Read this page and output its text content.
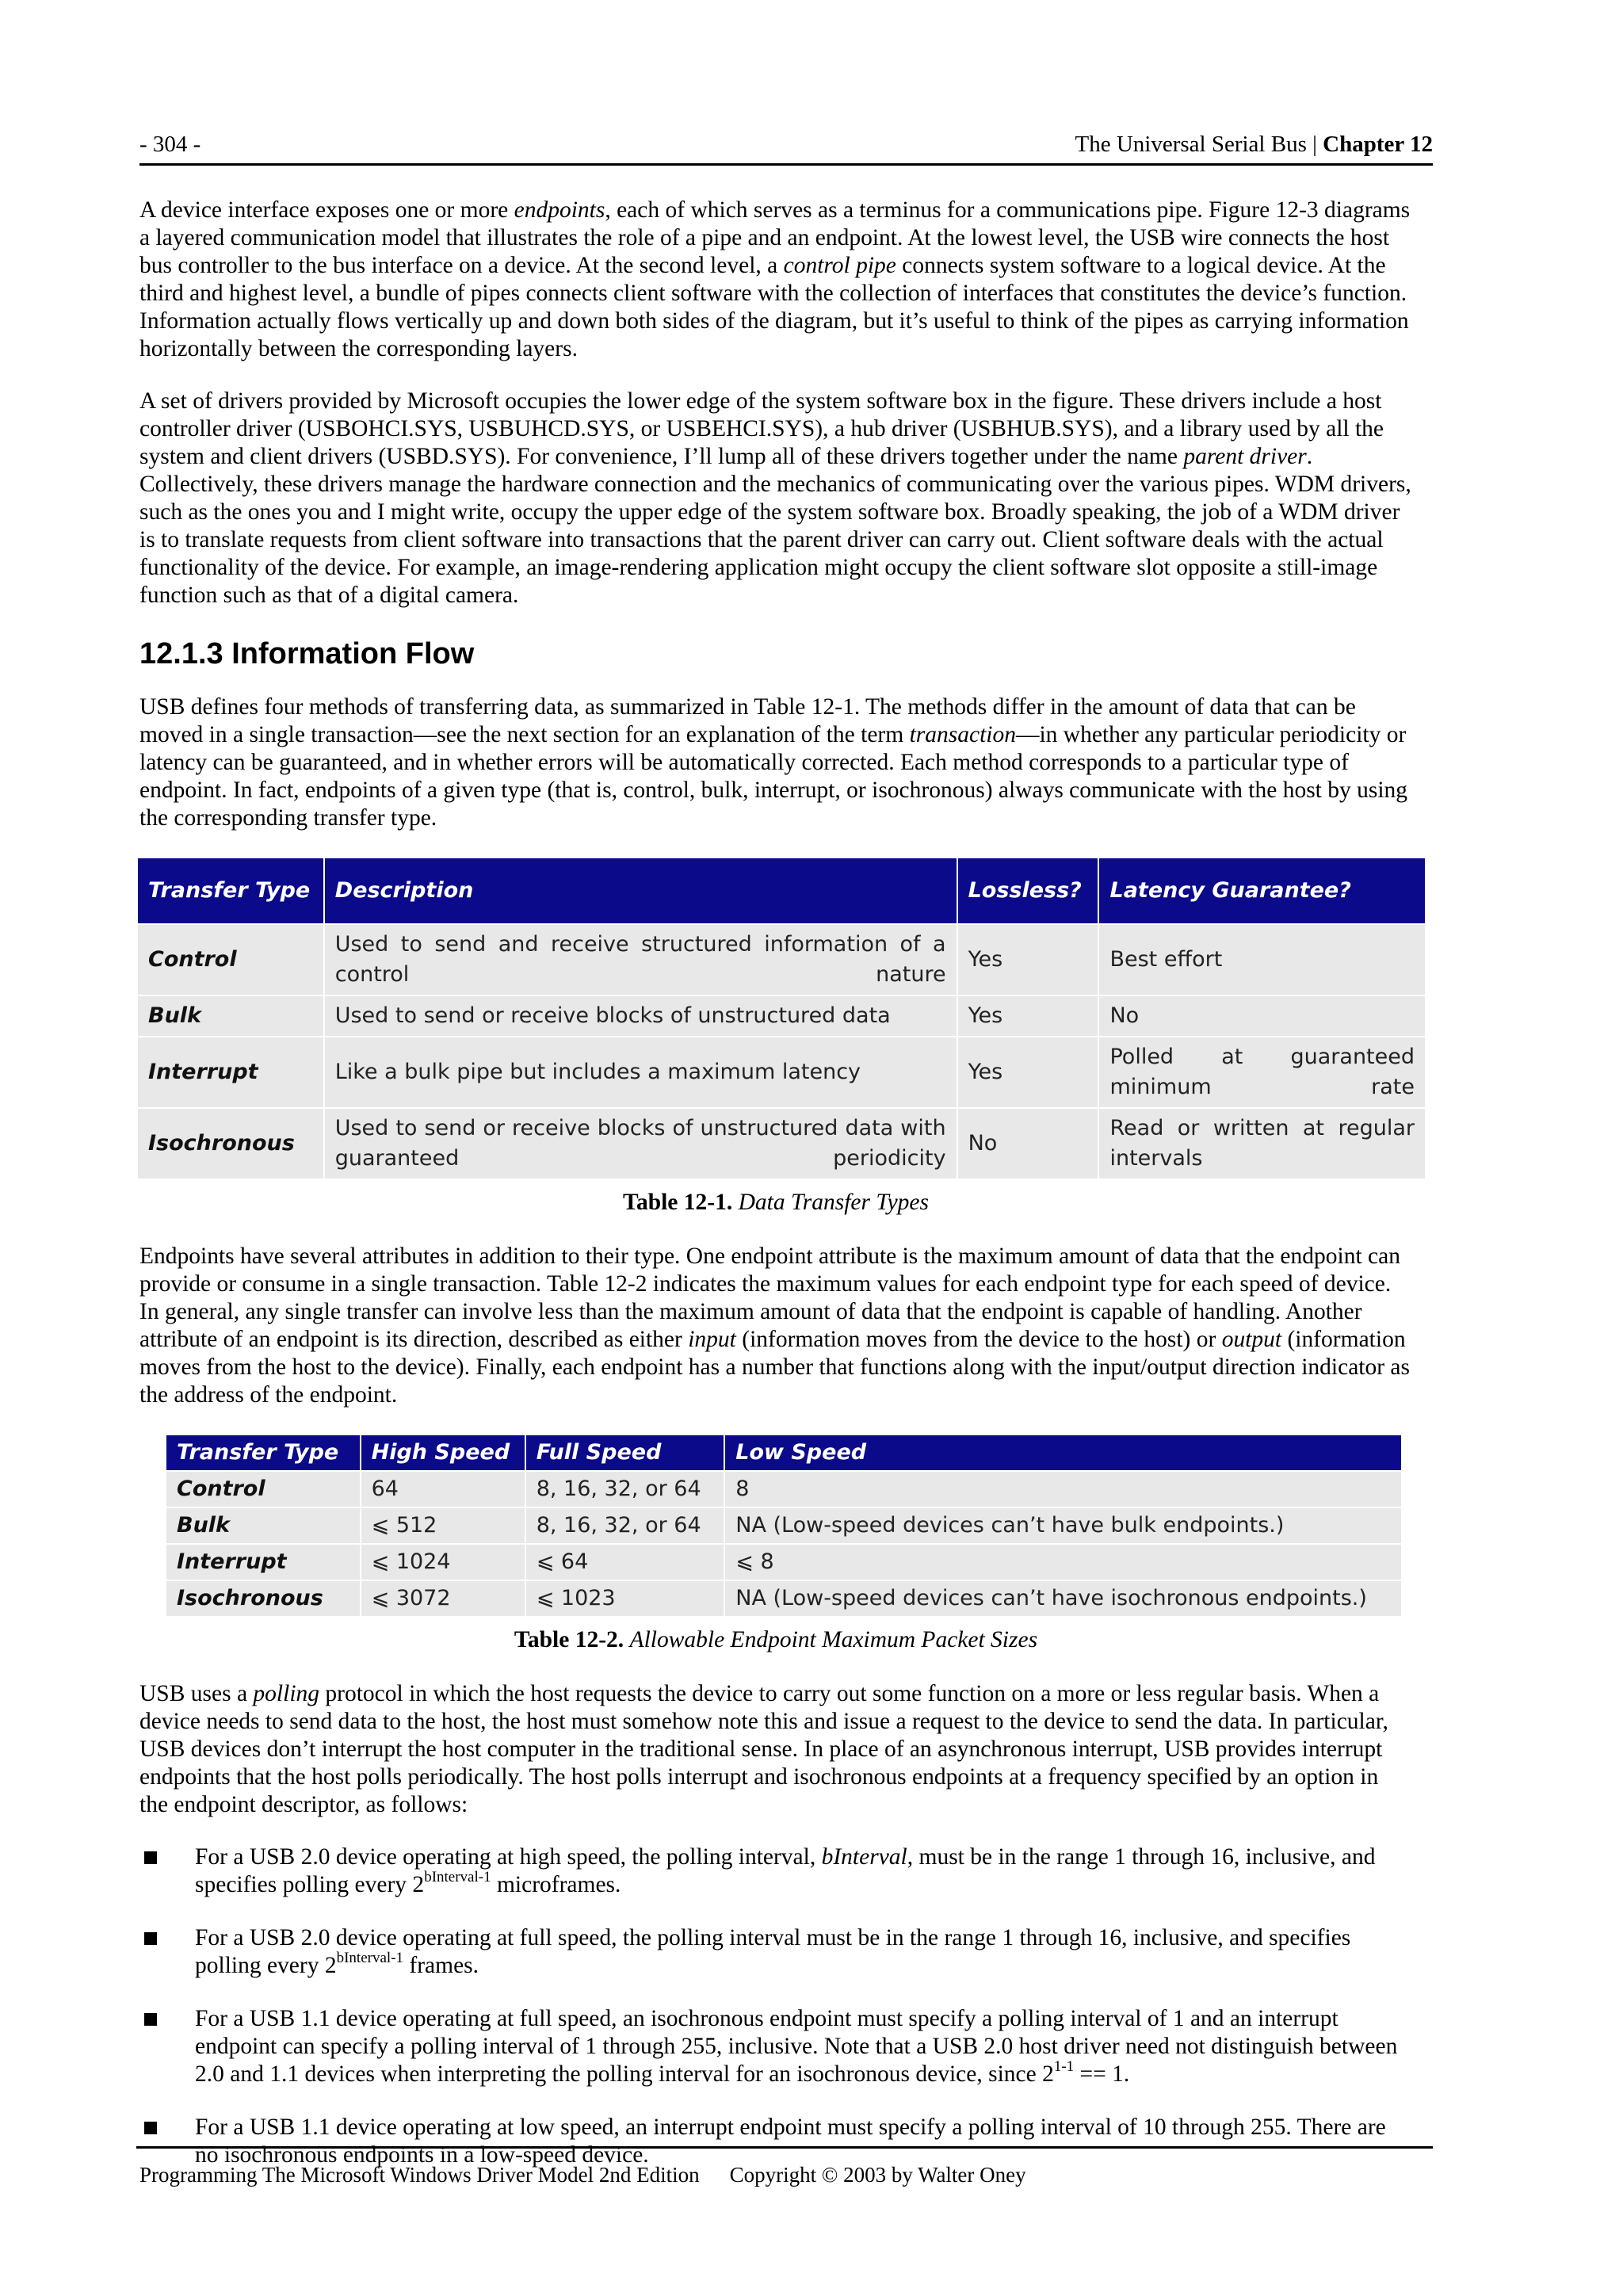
- 304 -	The Universal Serial Bus | Chapter 12

A device interface exposes one or more endpoints, each of which serves as a terminus for a communications pipe. Figure 12-3 diagrams a layered communication model that illustrates the role of a pipe and an endpoint. At the lowest level, the USB wire connects the host bus controller to the bus interface on a device. At the second level, a control pipe connects system software to a logical device. At the third and highest level, a bundle of pipes connects client software with the collection of interfaces that constitutes the device’s function. Information actually flows vertically up and down both sides of the diagram, but it’s useful to think of the pipes as carrying information horizontally between the corresponding layers.

A set of drivers provided by Microsoft occupies the lower edge of the system software box in the figure. These drivers include a host controller driver (USBOHCI.SYS, USBUHCD.SYS, or USBEHCI.SYS), a hub driver (USBHUB.SYS), and a library used by all the system and client drivers (USBD.SYS). For convenience, I’ll lump all of these drivers together under the name parent driver. Collectively, these drivers manage the hardware connection and the mechanics of communicating over the various pipes. WDM drivers, such as the ones you and I might write, occupy the upper edge of the system software box. Broadly speaking, the job of a WDM driver is to translate requests from client software into transactions that the parent driver can carry out. Client software deals with the actual functionality of the device. For example, an image-rendering application might occupy the client software slot opposite a still-image function such as that of a digital camera.

12.1.3 Information Flow

USB defines four methods of transferring data, as summarized in Table 12-1. The methods differ in the amount of data that can be moved in a single transaction—see the next section for an explanation of the term transaction—in whether any particular periodicity or latency can be guaranteed, and in whether errors will be automatically corrected. Each method corresponds to a particular type of endpoint. In fact, endpoints of a given type (that is, control, bulk, interrupt, or isochronous) always communicate with the host by using the corresponding transfer type.

Transfer Type	Description	Lossless?	Latency Guarantee?
Control	Used to send and receive structured information of a control nature	Yes	Best effort
Bulk	Used to send or receive blocks of unstructured data	Yes	No
Interrupt	Like a bulk pipe but includes a maximum latency	Yes	Polled at guaranteed minimum rate
Isochronous	Used to send or receive blocks of unstructured data with guaranteed periodicity	No	Read or written at regular intervals
Table 12-1. Data Transfer Types

Endpoints have several attributes in addition to their type. One endpoint attribute is the maximum amount of data that the endpoint can provide or consume in a single transaction. Table 12-2 indicates the maximum values for each endpoint type for each speed of device. In general, any single transfer can involve less than the maximum amount of data that the endpoint is capable of handling. Another attribute of an endpoint is its direction, described as either input (information moves from the device to the host) or output (information moves from the host to the device). Finally, each endpoint has a number that functions along with the input/output direction indicator as the address of the endpoint.

Transfer Type	High Speed	Full Speed	Low Speed
Control	64	8, 16, 32, or 64	8
Bulk	⩽ 512	8, 16, 32, or 64	NA (Low-speed devices can’t have bulk endpoints.)
Interrupt	⩽ 1024	⩽ 64	⩽ 8
Isochronous	⩽ 3072	⩽ 1023	NA (Low-speed devices can’t have isochronous endpoints.)
Table 12-2. Allowable Endpoint Maximum Packet Sizes

USB uses a polling protocol in which the host requests the device to carry out some function on a more or less regular basis. When a device needs to send data to the host, the host must somehow note this and issue a request to the device to send the data. In particular, USB devices don’t interrupt the host computer in the traditional sense. In place of an asynchronous interrupt, USB provides interrupt endpoints that the host polls periodically. The host polls interrupt and isochronous endpoints at a frequency specified by an option in the endpoint descriptor, as follows:

For a USB 2.0 device operating at high speed, the polling interval, bInterval, must be in the range 1 through 16, inclusive, and specifies polling every $2^{bInterval-1}$ microframes.
For a USB 2.0 device operating at full speed, the polling interval must be in the range 1 through 16, inclusive, and specifies polling every $2^{bInterval-1}$ frames.
For a USB 1.1 device operating at full speed, an isochronous endpoint must specify a polling interval of 1 and an interrupt endpoint can specify a polling interval of 1 through 255, inclusive. Note that a USB 2.0 host driver need not distinguish between 2.0 and 1.1 devices when interpreting the polling interval for an isochronous device, since $2^{1-1} == 1$.
For a USB 1.1 device operating at low speed, an interrupt endpoint must specify a polling interval of 10 through 255. There are no isochronous endpoints in a low-speed device.
Programming The Microsoft Windows Driver Model 2nd Edition Copyright © 2003 by Walter Oney
